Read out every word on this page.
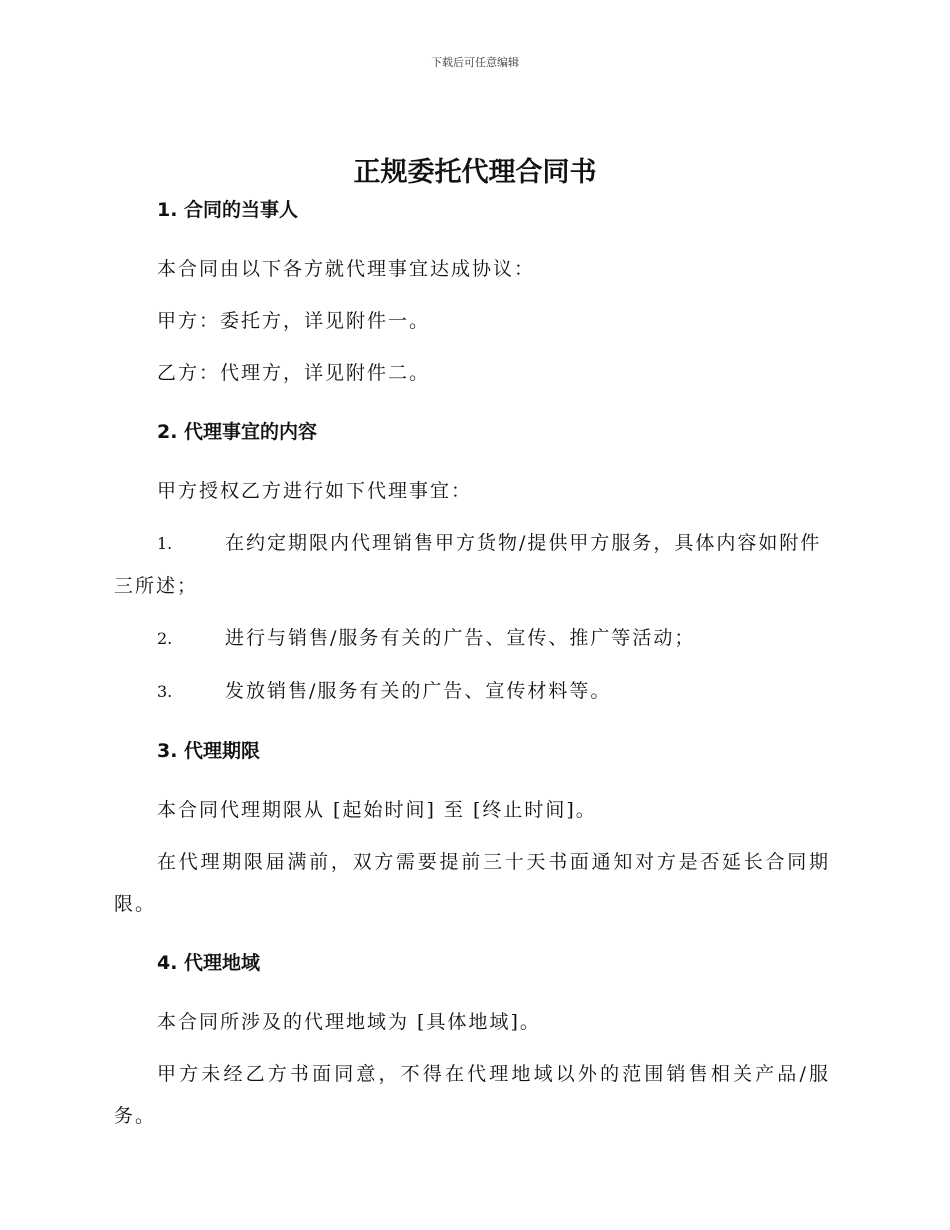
下载后可任意编辑
正规委托代理合同书
1. 合同的当事人

本合同由以下各方就代理事宜达成协议：

甲方：委托方，详见附件一。

乙方：代理方，详见附件二。

2. 代理事宜的内容

甲方授权乙方进行如下代理事宜：

1.	在约定期限内代理销售甲方货物/提供甲方服务，具体内容如附件三所述；

2.	进行与销售/服务有关的广告、宣传、推广等活动；

3.	发放销售/服务有关的广告、宣传材料等。

3. 代理期限

本合同代理期限从 [起始时间] 至 [终止时间]。

在代理期限届满前，双方需要提前三十天书面通知对方是否延长合同期限。

4. 代理地域

本合同所涉及的代理地域为 [具体地域]。

甲方未经乙方书面同意，不得在代理地域以外的范围销售相关产品/服务。
